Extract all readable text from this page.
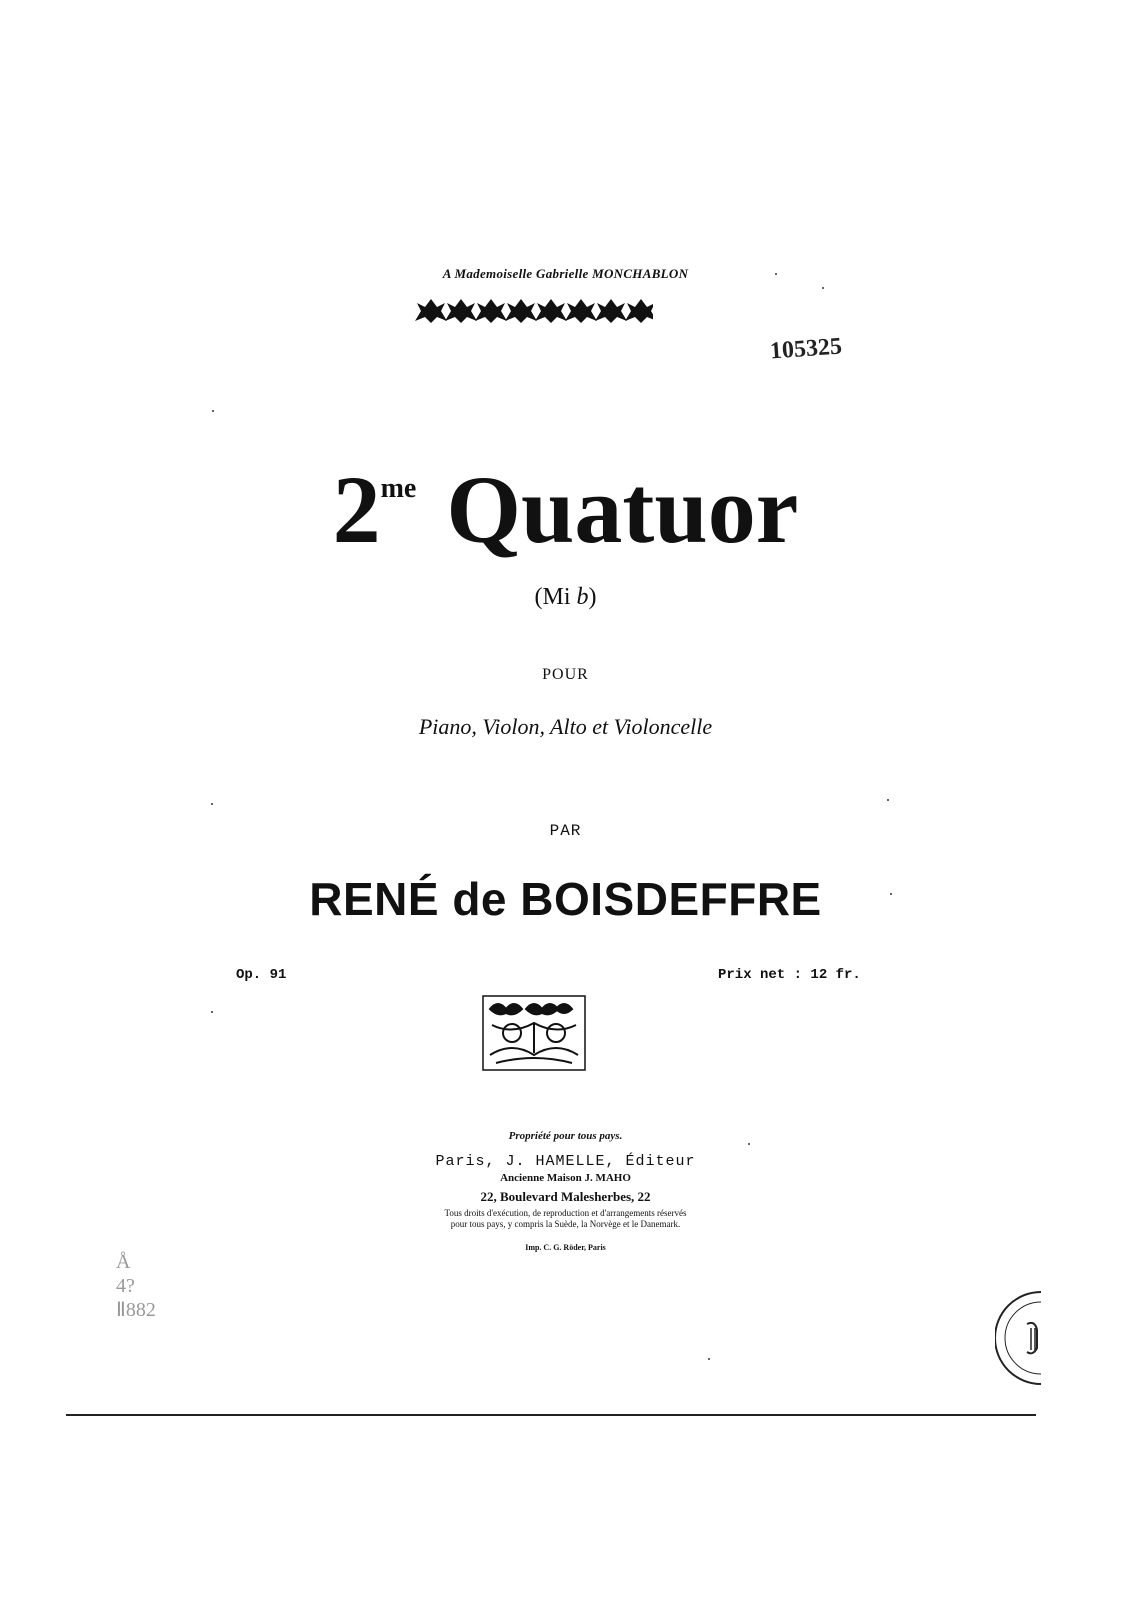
A Mademoiselle Gabrielle MONCHABLON
105325
$2^{me}$ Quatuor
(Mi b)
POUR
Piano, Violon, Alto et Violoncelle
PAR
RENÉ de BOISDEFFRE
Op. 91	Prix net : 12 fr.
Propriété pour tous pays.
Paris, J. HAMELLE, Éditeur
Ancienne Maison J. MAHO
22, Boulevard Malesherbes, 22
Tous droits d'exécution, de reproduction et d'arrangements réservés
pour tous pays, y compris la Suède, la Norvège et le Danemark.
Imp. C. G. Röder, Paris
Å
4?
Ⅱ882
